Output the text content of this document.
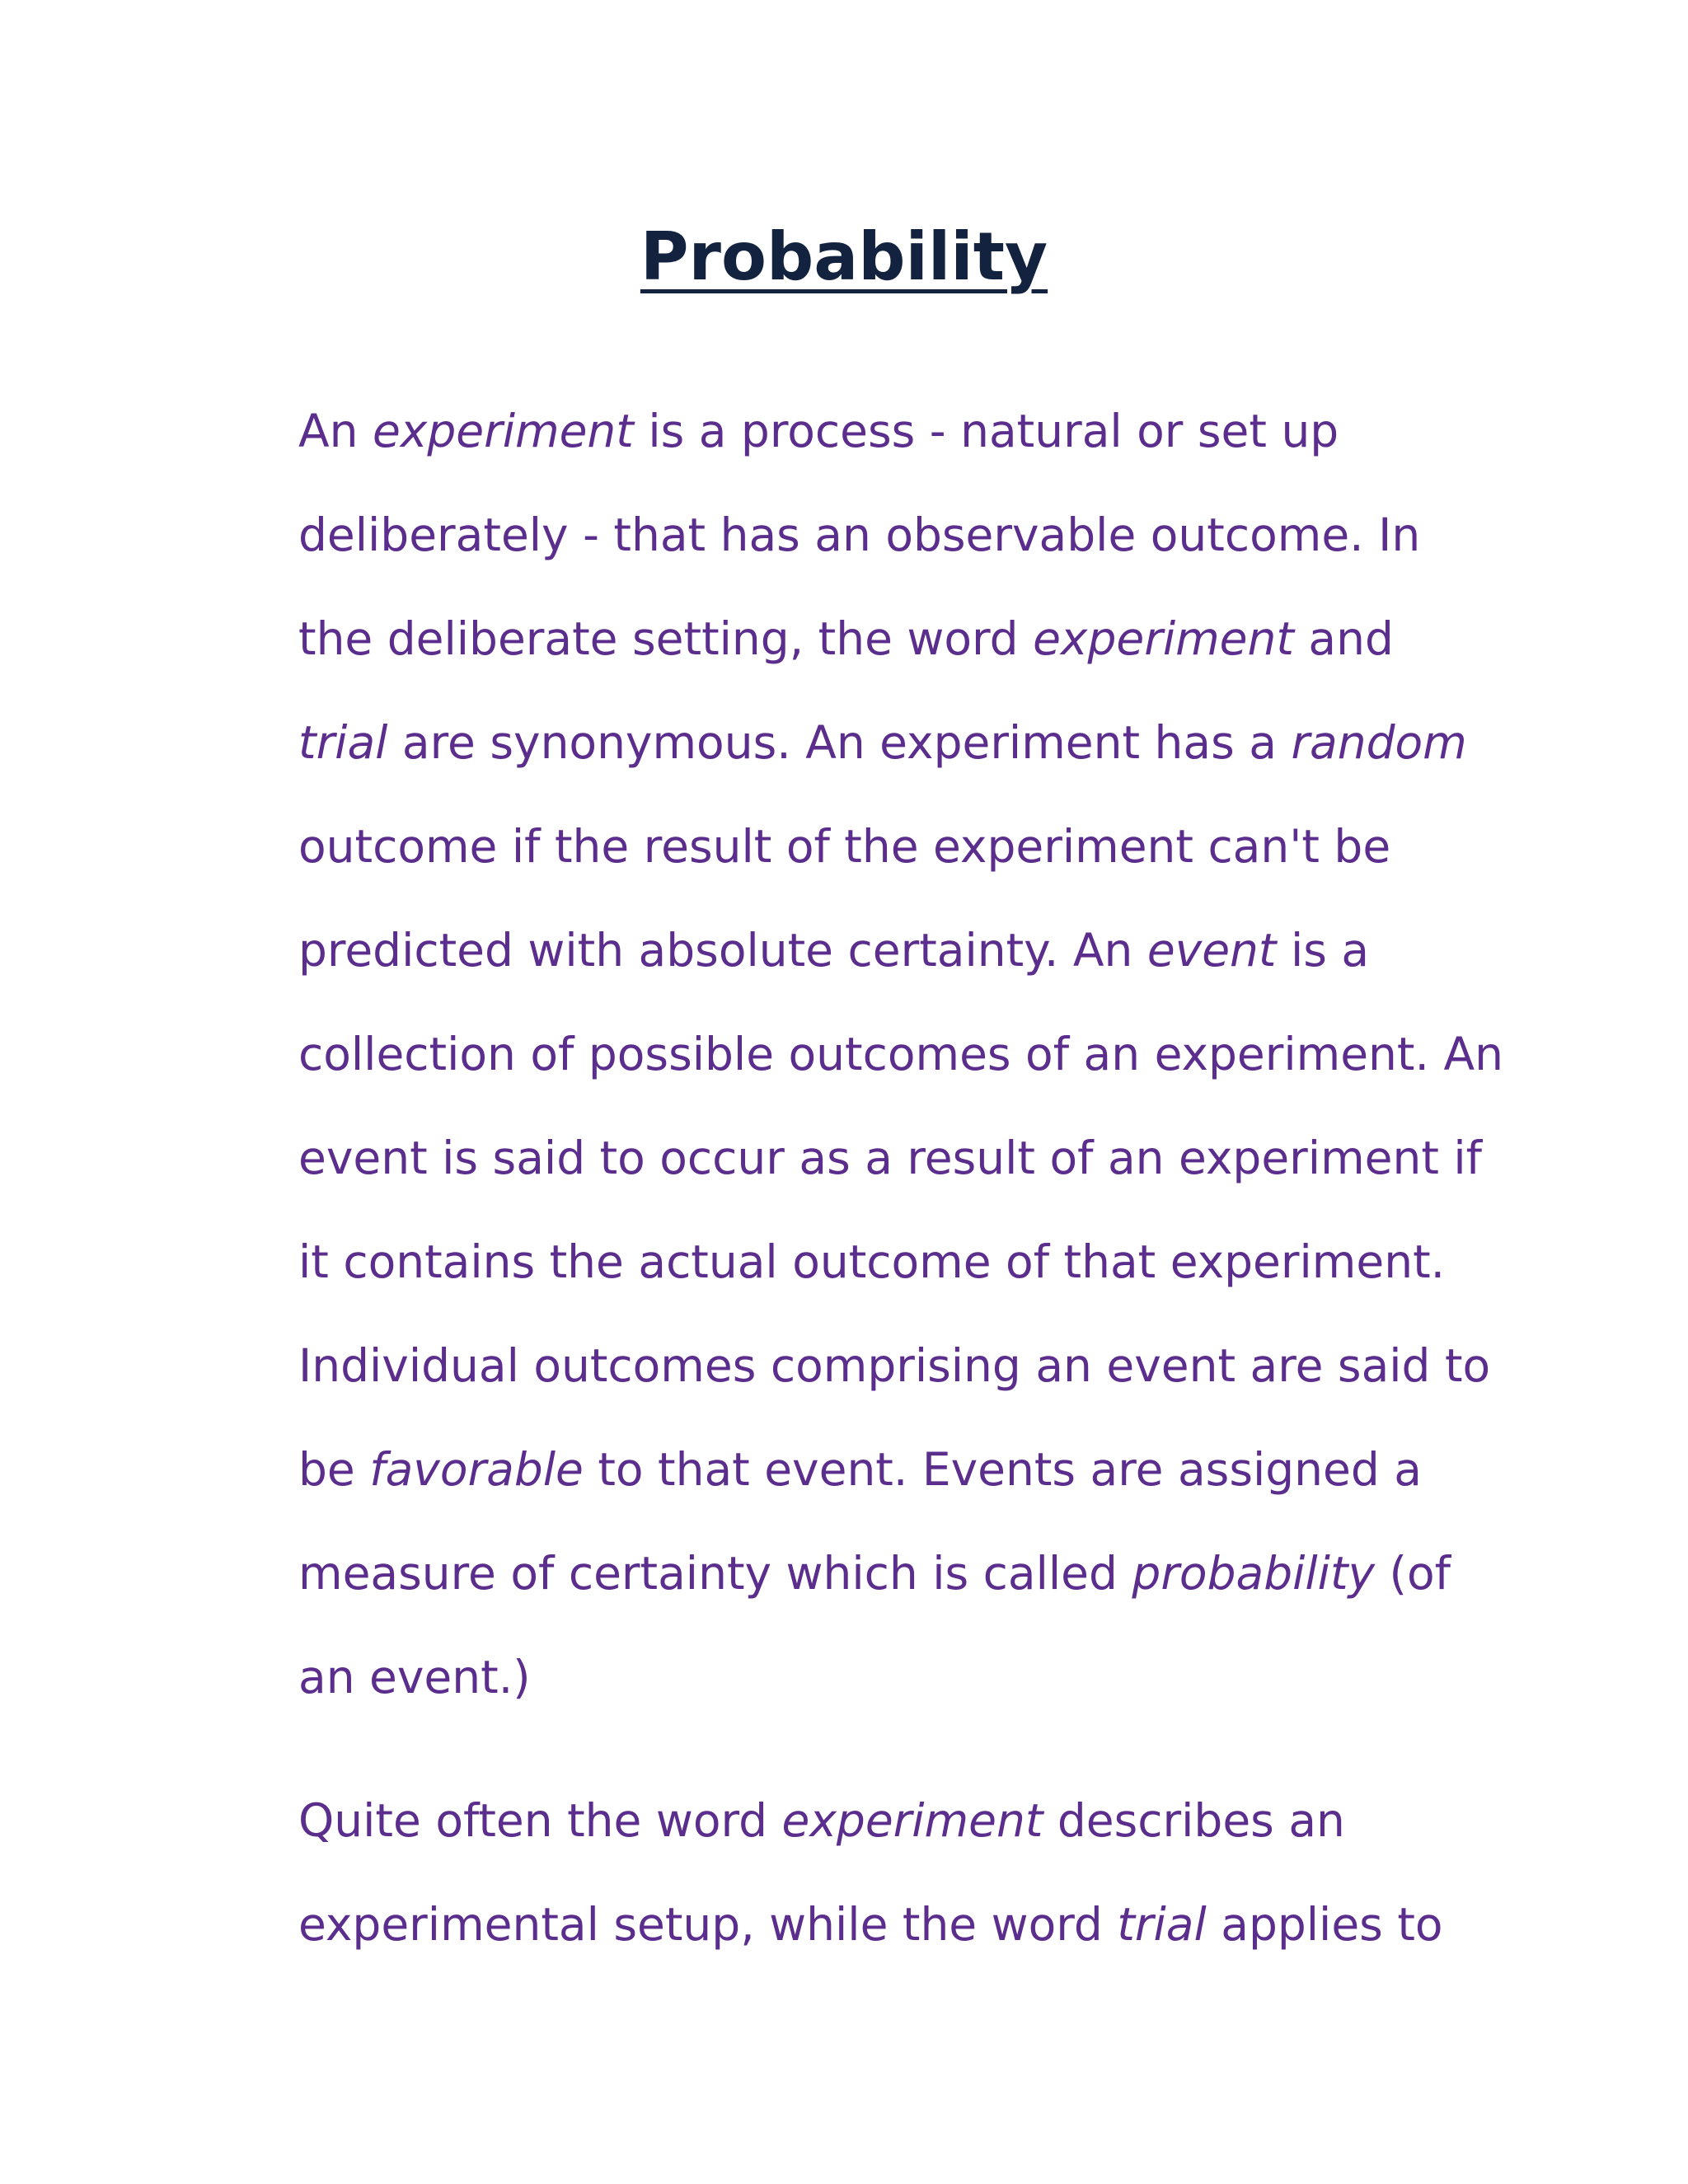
Probability
An experiment is a process - natural or set up
deliberately - that has an observable outcome. In
the deliberate setting, the word experiment and
trial are synonymous. An experiment has a random
outcome if the result of the experiment can't be
predicted with absolute certainty. An event is a
collection of possible outcomes of an experiment. An
event is said to occur as a result of an experiment if
it contains the actual outcome of that experiment.
Individual outcomes comprising an event are said to
be favorable to that event. Events are assigned a
measure of certainty which is called probability (of
an event.)
Quite often the word experiment describes an
experimental setup, while the word trial applies to
